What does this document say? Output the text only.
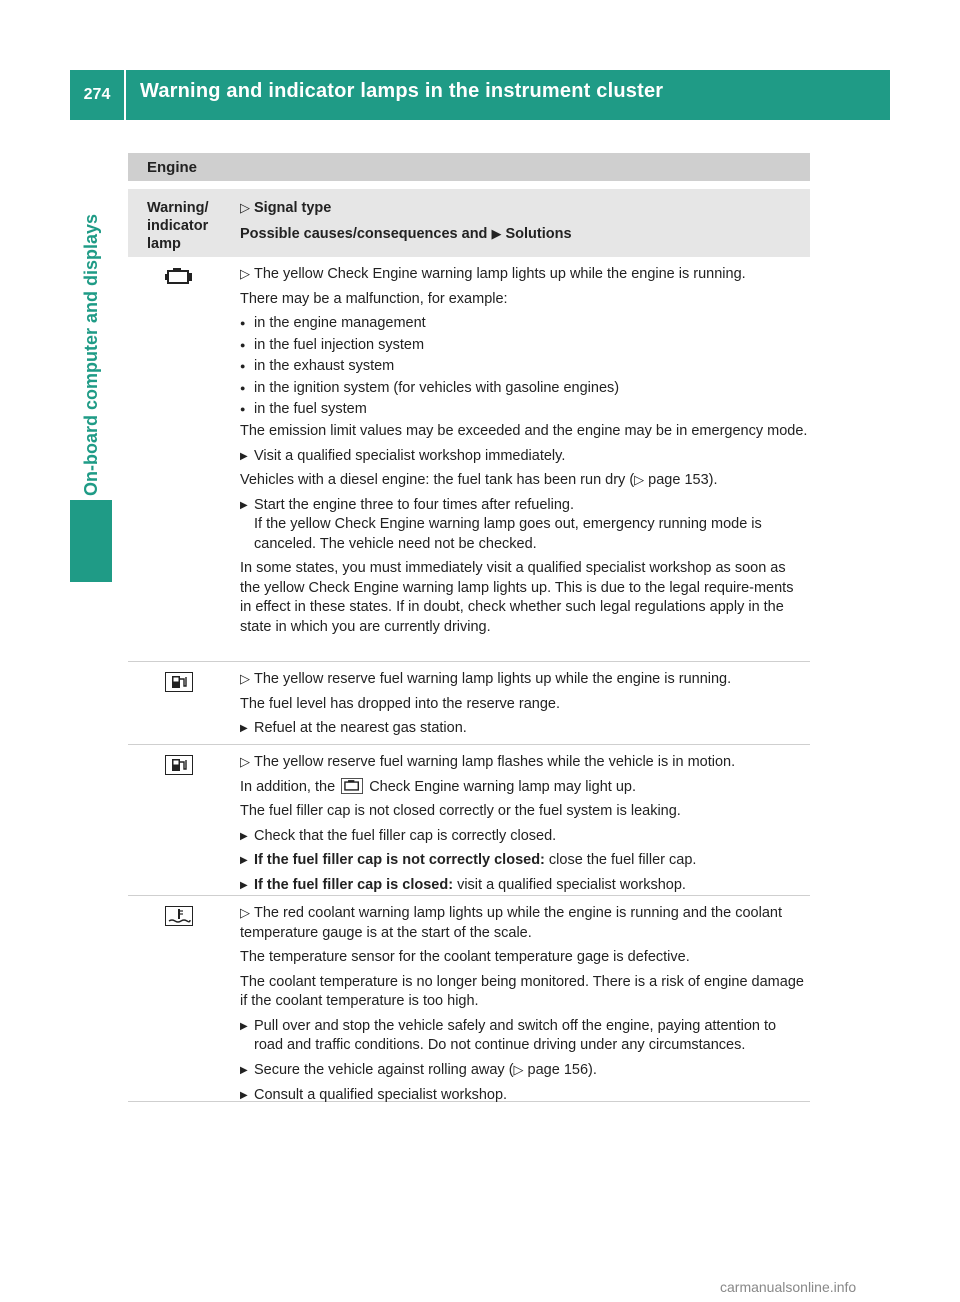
274	Warning and indicator lamps in the instrument cluster
On-board computer and displays
Engine
Warning/ indicator lamp
▷ Signal type
Possible causes/consequences and ▶ Solutions

▷ The yellow Check Engine warning lamp lights up while the engine is running.

There may be a malfunction, for example:

● in the engine management

● in the fuel injection system

● in the exhaust system

● in the ignition system (for vehicles with gasoline engines)

● in the fuel system

The emission limit values may be exceeded and the engine may be in emergency mode.

▶ Visit a qualified specialist workshop immediately.

Vehicles with a diesel engine: the fuel tank has been run dry (▷ page 153).

▶ Start the engine three to four times after refueling.
If the yellow Check Engine warning lamp goes out, emergency running mode is canceled. The vehicle need not be checked.

In some states, you must immediately visit a qualified specialist workshop as soon as the yellow Check Engine warning lamp lights up. This is due to the legal require-ments in effect in these states. If in doubt, check whether such legal regulations apply in the state in which you are currently driving.

▷ The yellow reserve fuel warning lamp lights up while the engine is running.

The fuel level has dropped into the reserve range.

▶ Refuel at the nearest gas station.

▷ The yellow reserve fuel warning lamp flashes while the vehicle is in motion.

In addition, the Check Engine warning lamp may light up.

The fuel filler cap is not closed correctly or the fuel system is leaking.

▶ Check that the fuel filler cap is correctly closed.

▶ If the fuel filler cap is not correctly closed: close the fuel filler cap.

▶ If the fuel filler cap is closed: visit a qualified specialist workshop.

▷ The red coolant warning lamp lights up while the engine is running and the coolant temperature gauge is at the start of the scale.

The temperature sensor for the coolant temperature gage is defective.

The coolant temperature is no longer being monitored. There is a risk of engine damage if the coolant temperature is too high.

▶ Pull over and stop the vehicle safely and switch off the engine, paying attention to road and traffic conditions. Do not continue driving under any circumstances.

▶ Secure the vehicle against rolling away (▷ page 156).

▶ Consult a qualified specialist workshop.

carmanualsonline.info
